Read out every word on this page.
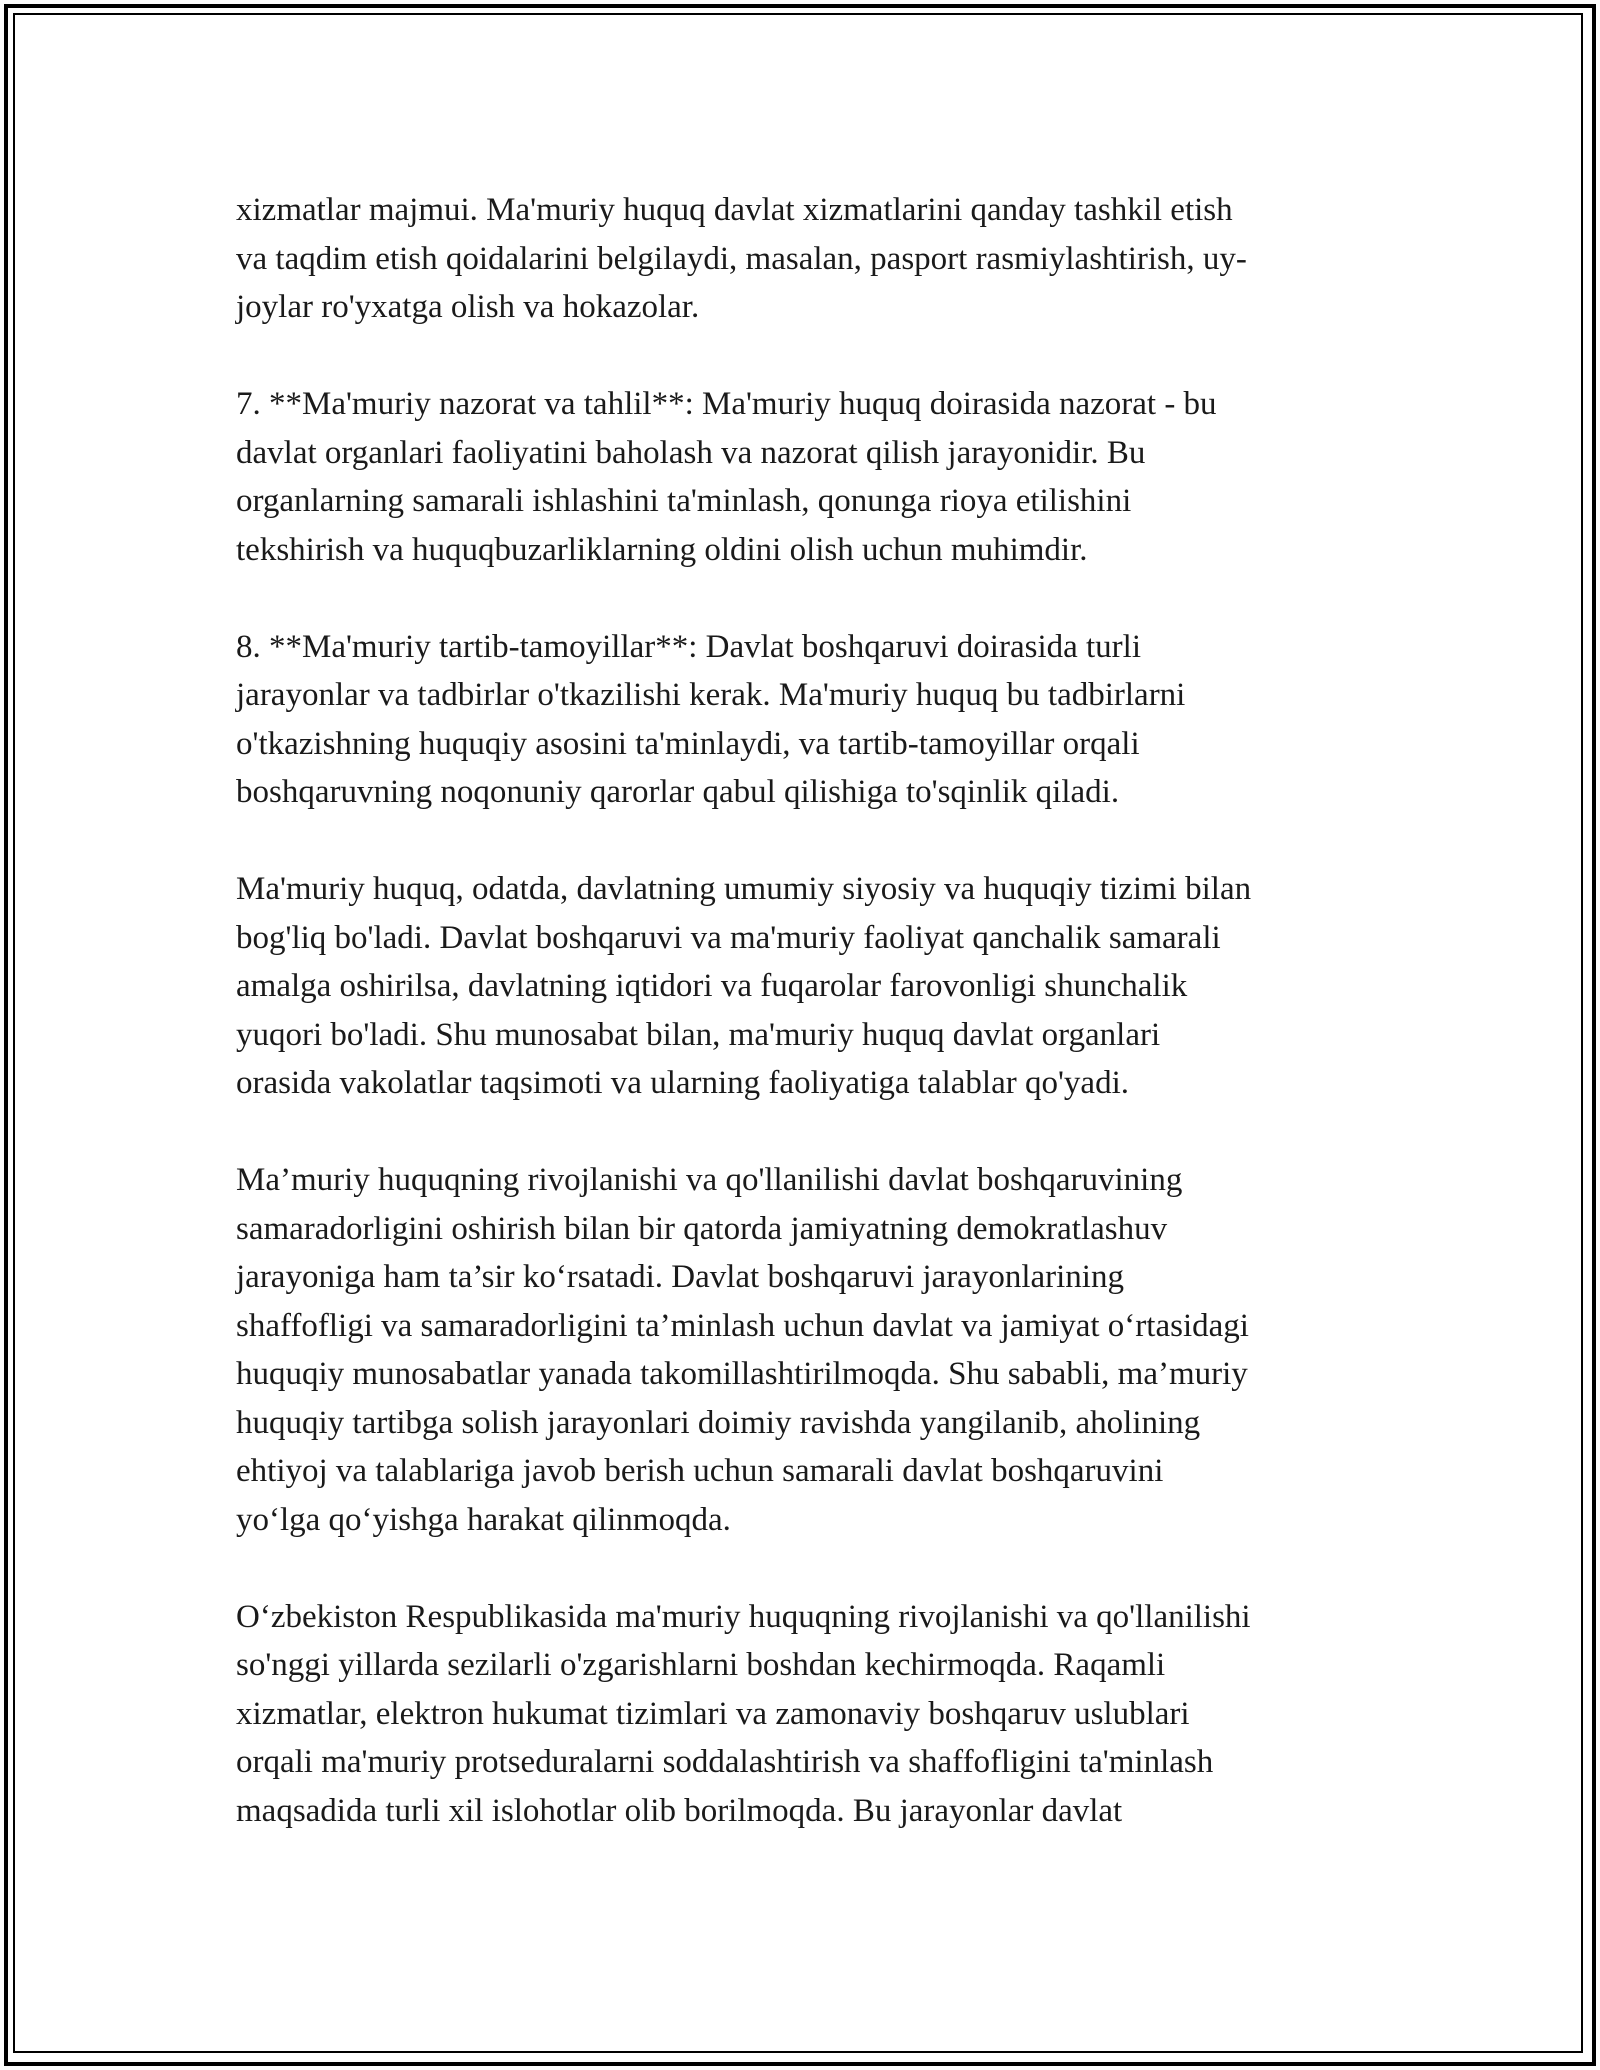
xizmatlar majmui. Ma'muriy huquq davlat xizmatlarini qanday tashkil etish
va taqdim etish qoidalarini belgilaydi, masalan, pasport rasmiylashtirish, uy-
joylar ro'yxatga olish va hokazolar.

7. **Ma'muriy nazorat va tahlil**: Ma'muriy huquq doirasida nazorat - bu
davlat organlari faoliyatini baholash va nazorat qilish jarayonidir. Bu
organlarning samarali ishlashini ta'minlash, qonunga rioya etilishini
tekshirish va huquqbuzarliklarning oldini olish uchun muhimdir.

8. **Ma'muriy tartib-tamoyillar**: Davlat boshqaruvi doirasida turli
jarayonlar va tadbirlar o'tkazilishi kerak. Ma'muriy huquq bu tadbirlarni
o'tkazishning huquqiy asosini ta'minlaydi, va tartib-tamoyillar orqali
boshqaruvning noqonuniy qarorlar qabul qilishiga to'sqinlik qiladi.

Ma'muriy huquq, odatda, davlatning umumiy siyosiy va huquqiy tizimi bilan
bog'liq bo'ladi. Davlat boshqaruvi va ma'muriy faoliyat qanchalik samarali
amalga oshirilsa, davlatning iqtidori va fuqarolar farovonligi shunchalik
yuqori bo'ladi. Shu munosabat bilan, ma'muriy huquq davlat organlari
orasida vakolatlar taqsimoti va ularning faoliyatiga talablar qo'yadi.

Ma’muriy huquqning rivojlanishi va qo'llanilishi davlat boshqaruvining
samaradorligini oshirish bilan bir qatorda jamiyatning demokratlashuv
jarayoniga ham ta’sir ko‘rsatadi. Davlat boshqaruvi jarayonlarining
shaffofligi va samaradorligini ta’minlash uchun davlat va jamiyat o‘rtasidagi
huquqiy munosabatlar yanada takomillashtirilmoqda. Shu sababli, ma’muriy
huquqiy tartibga solish jarayonlari doimiy ravishda yangilanib, aholining
ehtiyoj va talablariga javob berish uchun samarali davlat boshqaruvini
yo‘lga qo‘yishga harakat qilinmoqda.

O‘zbekiston Respublikasida ma'muriy huquqning rivojlanishi va qo'llanilishi
so'nggi yillarda sezilarli o'zgarishlarni boshdan kechirmoqda. Raqamli
xizmatlar, elektron hukumat tizimlari va zamonaviy boshqaruv uslublari
orqali ma'muriy protseduralarni soddalashtirish va shaffofligini ta'minlash
maqsadida turli xil islohotlar olib borilmoqda. Bu jarayonlar davlat
